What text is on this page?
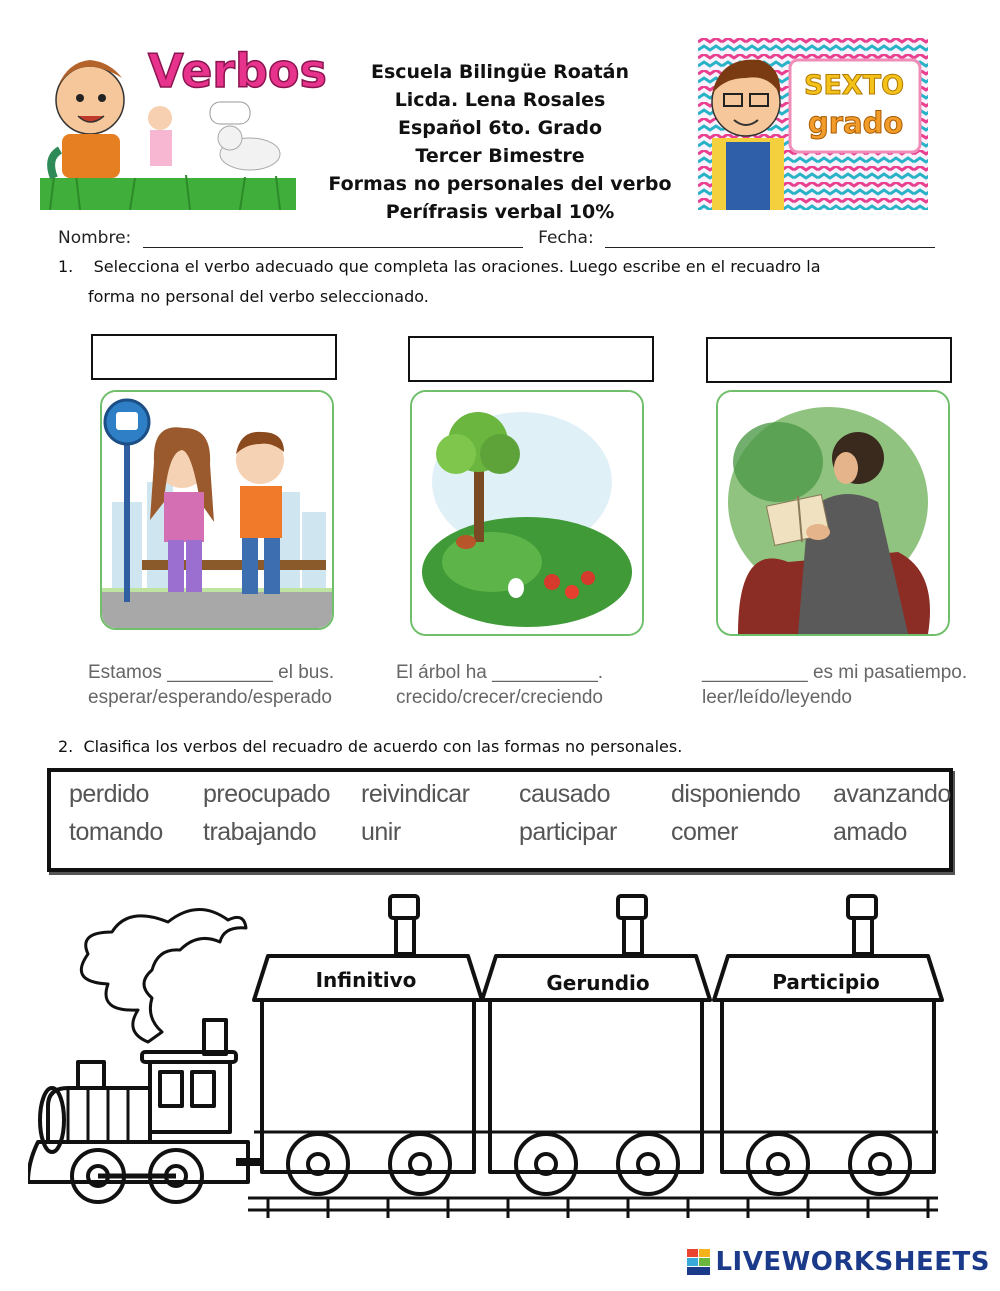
Verbos	Escuela Bilingüe Roatán
Licda. Lena Rosales
Español 6to. Grado
Tercer Bimestre
Formas no personales del verbo
Perífrasis verbal 10%
SEXTO
grado
Nombre:	Fecha:
1.    Selecciona el verbo adecuado que completa las oraciones. Luego escribe en el recuadro la
forma no personal del verbo seleccionado.
Estamos __________ el bus.
esperar/esperando/esperado
El árbol ha __________.
crecido/crecer/creciendo
__________ es mi pasatiempo.
leer/leído/leyendo
2.  Clasifica los verbos del recuadro de acuerdo con las formas no personales.
perdido preocupado reivindicar causado disponiendo avanzando
tomando trabajando unir	participar comer	amado
Infinitivo	Gerundio	Participio
LIVEWORKSHEETS
